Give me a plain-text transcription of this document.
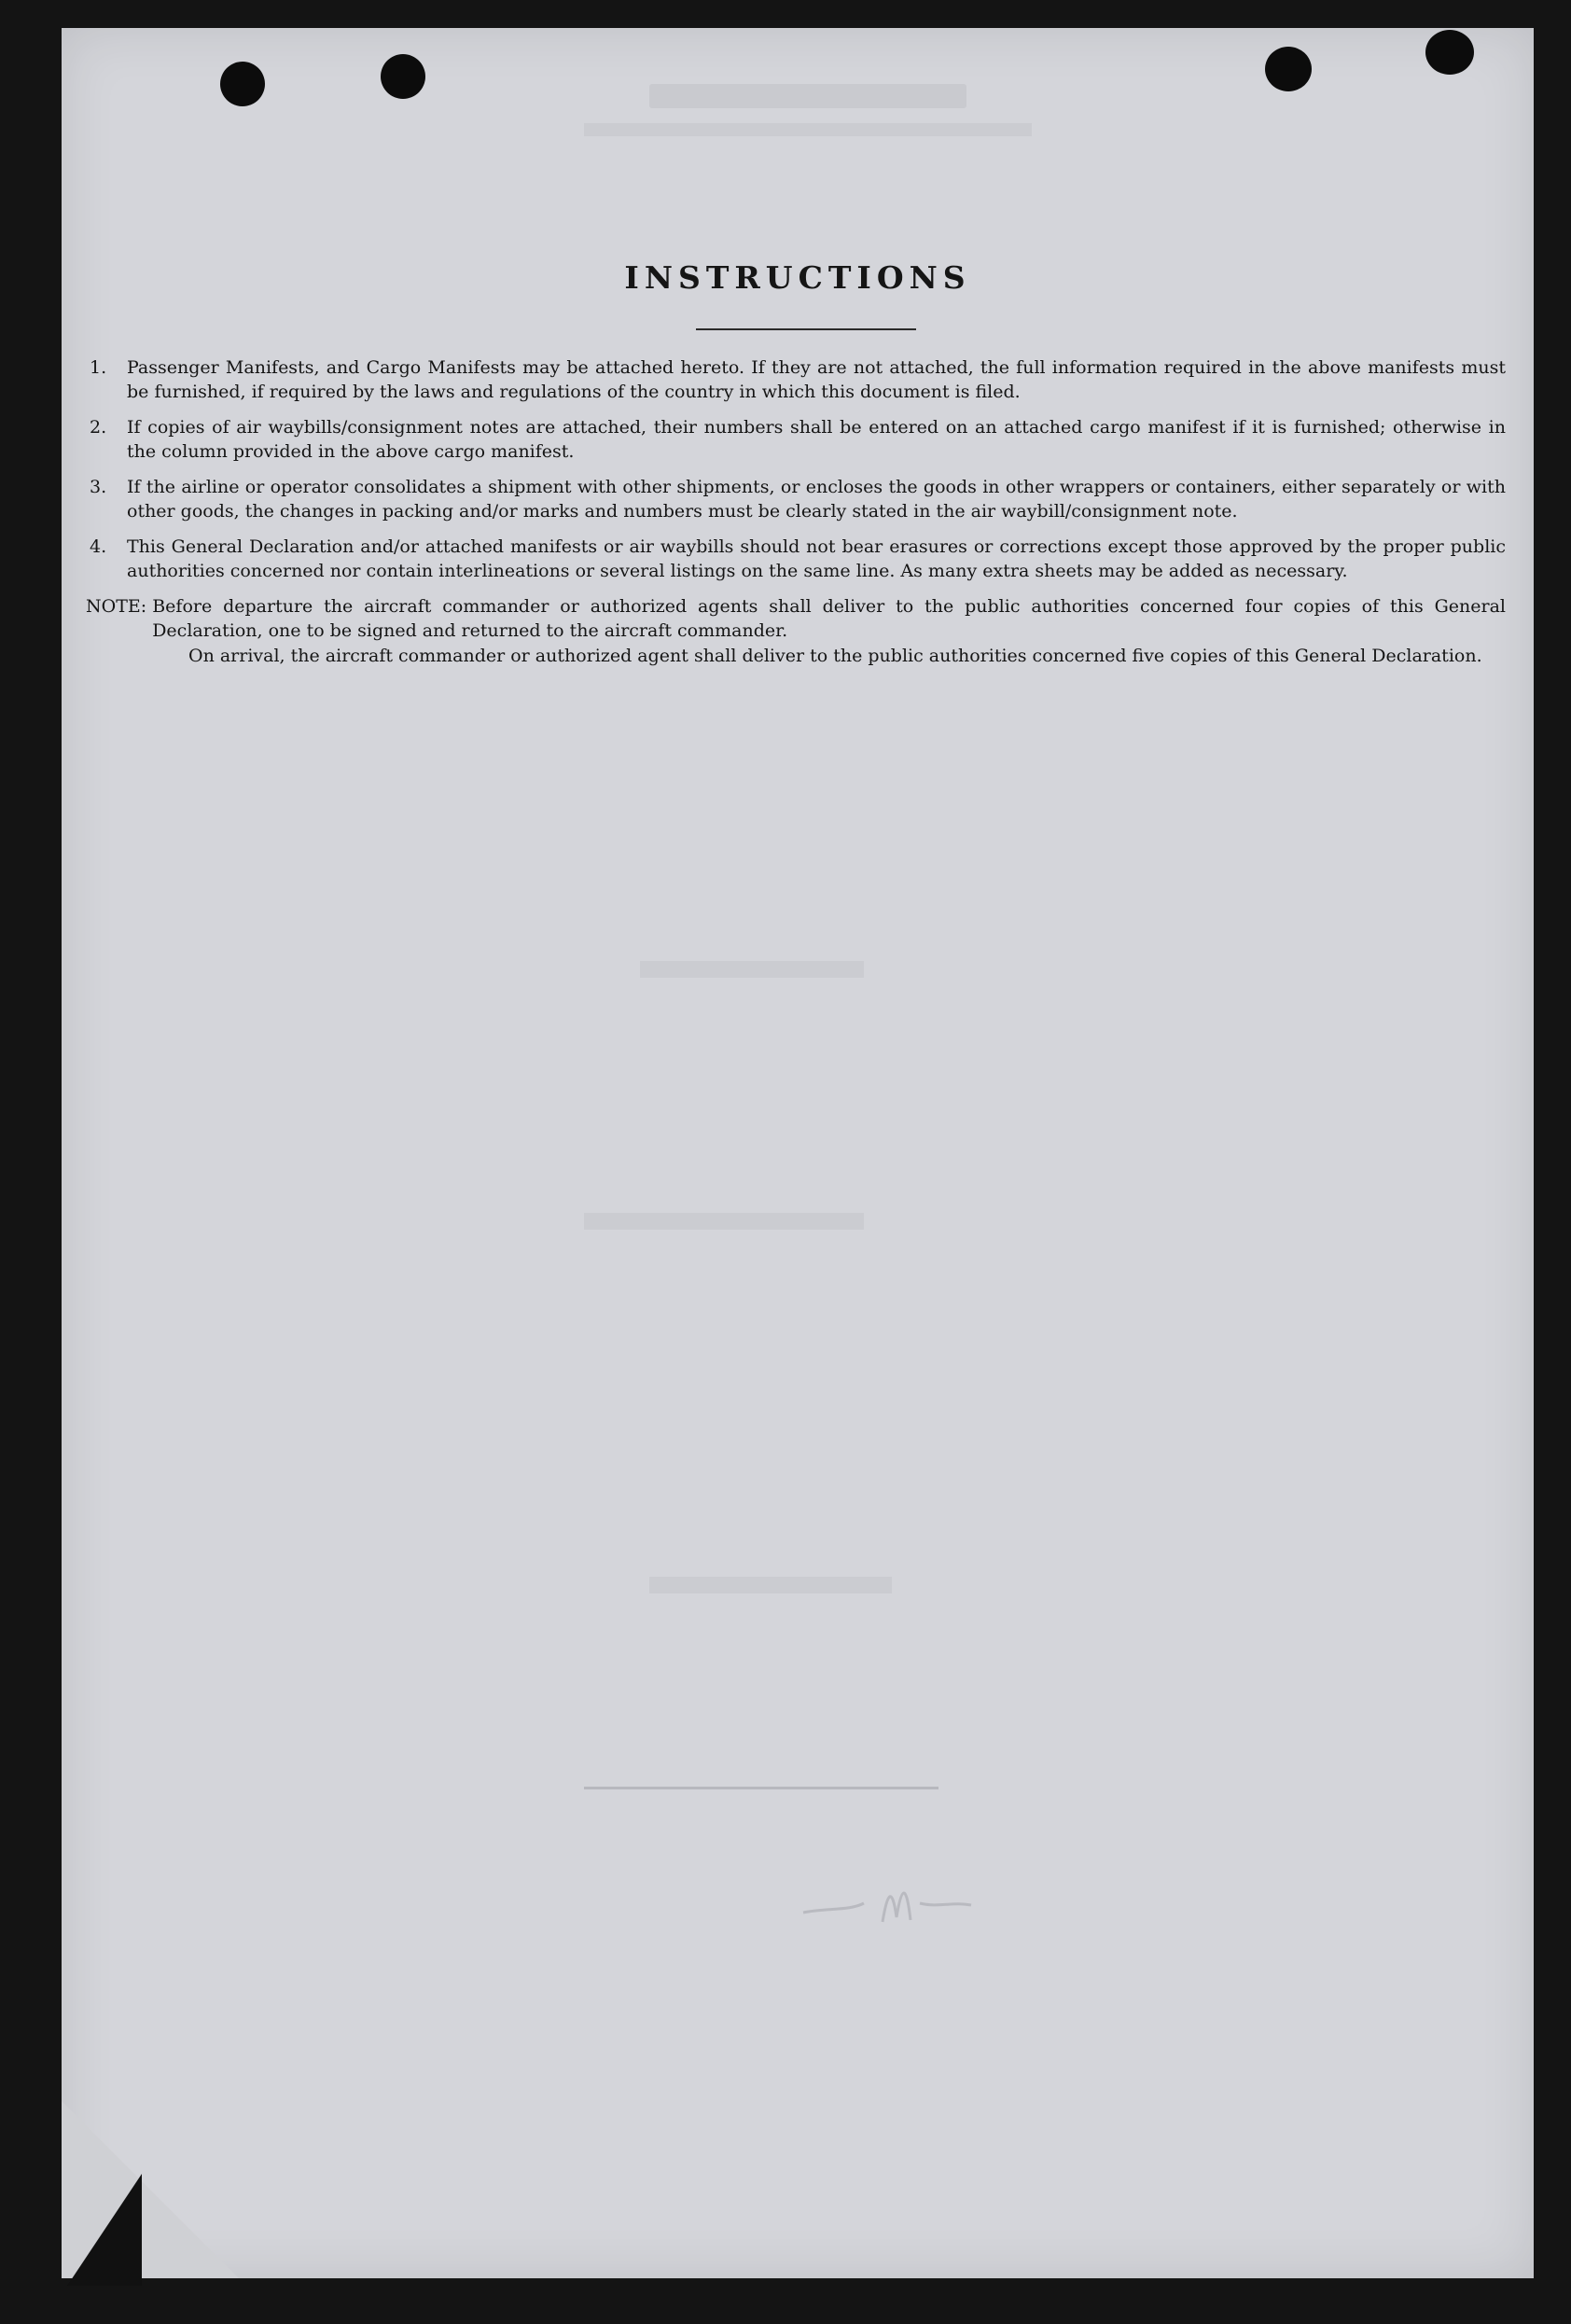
INSTRUCTIONS
1.	Passenger Manifests, and Cargo Manifests may be attached hereto. If they are not attached, the full information required in the above manifests must be furnished, if required by the laws and regulations of the country in which this document is filed.
2.	If copies of air waybills/consignment notes are attached, their numbers shall be entered on an attached cargo manifest if it is furnished; otherwise in the column provided in the above cargo manifest.
3.	If the airline or operator consolidates a shipment with other shipments, or encloses the goods in other wrappers or containers, either separately or with other goods, the changes in packing and/or marks and numbers must be clearly stated in the air waybill/consignment note.
4.	This General Declaration and/or attached manifests or air waybills should not bear erasures or corrections except those approved by the proper public authorities concerned nor contain interlineations or several listings on the same line. As many extra sheets may be added as necessary.
NOTE:
Before departure the aircraft commander or authorized agents shall deliver to the public authorities concerned four copies of this General Declaration, one to be signed and returned to the aircraft commander.
On arrival, the aircraft commander or authorized agent shall deliver to the public authorities concerned five copies of this General Declaration.
